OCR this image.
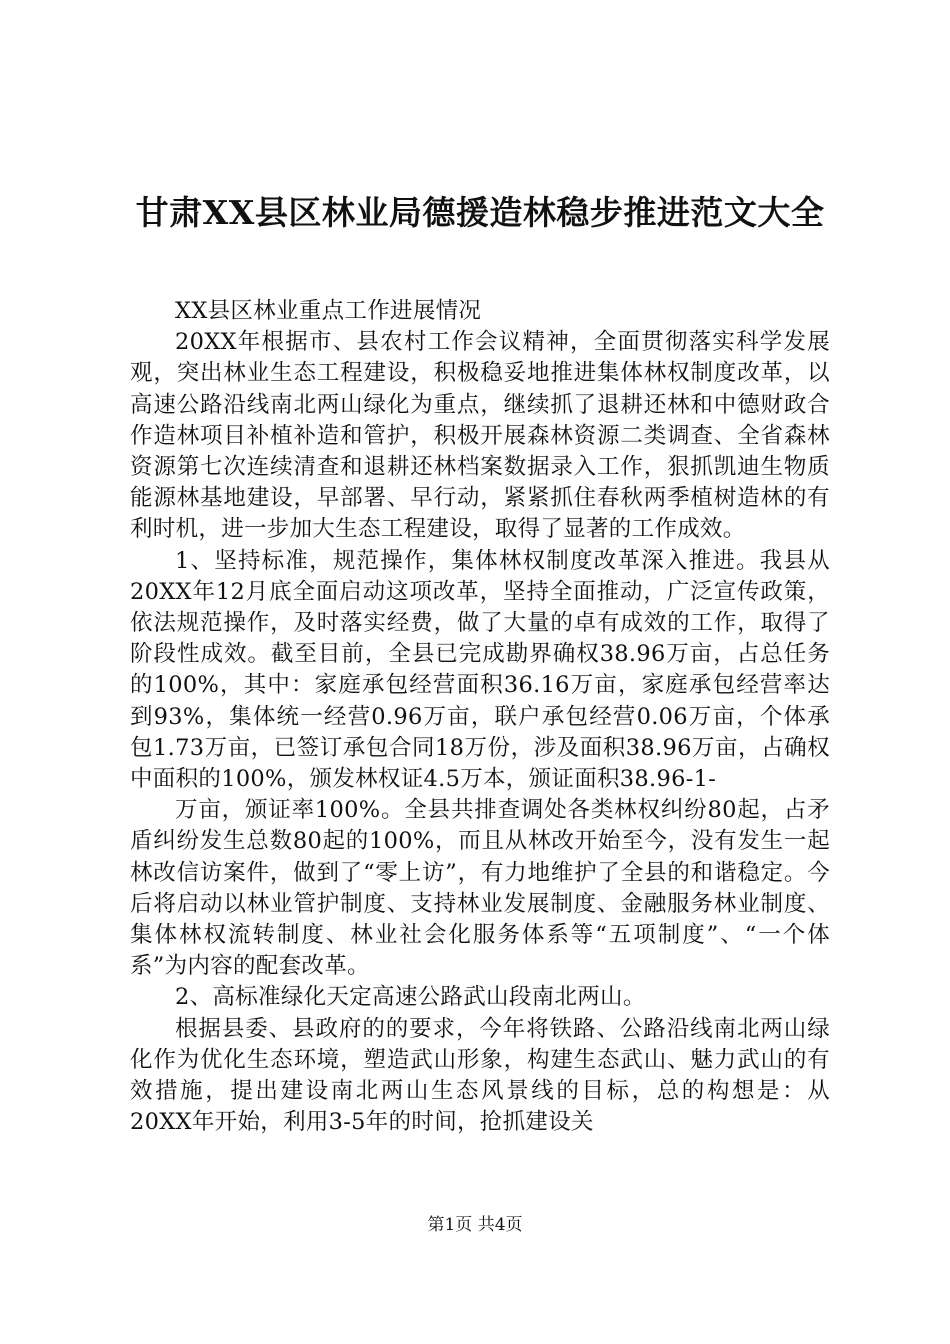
甘肃XX县区林业局德援造林稳步推进范文大全

XX县区林业重点工作进展情况

20XX年根据市、县农村工作会议精神，全面贯彻落实科学发展观，突出林业生态工程建设，积极稳妥地推进集体林权制度改革，以高速公路沿线南北两山绿化为重点，继续抓了退耕还林和中德财政合作造林项目补植补造和管护，积极开展森林资源二类调查、全省森林资源第七次连续清查和退耕还林档案数据录入工作，狠抓凯迪生物质能源林基地建设，早部署、早行动，紧紧抓住春秋两季植树造林的有利时机，进一步加大生态工程建设，取得了显著的工作成效。

1、坚持标准，规范操作，集体林权制度改革深入推进。我县从20XX年12月底全面启动这项改革，坚持全面推动，广泛宣传政策，依法规范操作，及时落实经费，做了大量的卓有成效的工作，取得了阶段性成效。截至目前，全县已完成勘界确权38.96万亩，占总任务的100%，其中：家庭承包经营面积36.16万亩，家庭承包经营率达到93%，集体统一经营0.96万亩，联户承包经营0.06万亩，个体承包1.73万亩，已签订承包合同18万份，涉及面积38.96万亩，占确权中面积的100%，颁发林权证4.5万本，颁证面积38.96-1-

万亩，颁证率100%。全县共排查调处各类林权纠纷80起，占矛盾纠纷发生总数80起的100%，而且从林改开始至今，没有发生一起林改信访案件，做到了“零上访”，有力地维护了全县的和谐稳定。今后将启动以林业管护制度、支持林业发展制度、金融服务林业制度、集体林权流转制度、林业社会化服务体系等“五项制度”、“一个体系”为内容的配套改革。

2、高标准绿化天定高速公路武山段南北两山。

根据县委、县政府的的要求，今年将铁路、公路沿线南北两山绿化作为优化生态环境，塑造武山形象，构建生态武山、魅力武山的有效措施，提出建设南北两山生态风景线的目标，总的构想是：从20XX年开始，利用3-5年的时间，抢抓建设关

第1页 共4页
